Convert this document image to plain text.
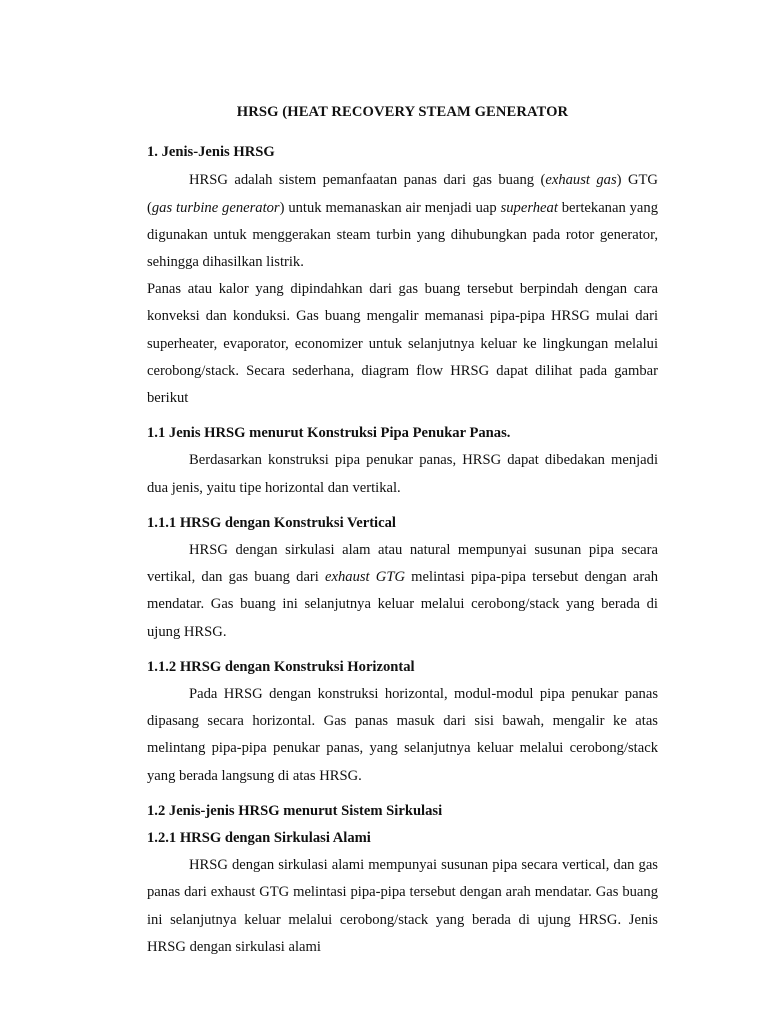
HRSG (HEAT RECOVERY STEAM GENERATOR

1. Jenis-Jenis HRSG

HRSG adalah sistem pemanfaatan panas dari gas buang (exhaust gas) GTG (gas turbine generator) untuk memanaskan air menjadi uap superheat bertekanan yang digunakan untuk menggerakan steam turbin yang dihubungkan pada rotor generator, sehingga dihasilkan listrik.

Panas atau kalor yang dipindahkan dari gas buang tersebut berpindah dengan cara konveksi dan konduksi. Gas buang mengalir memanasi pipa-pipa HRSG mulai dari superheater, evaporator, economizer untuk selanjutnya keluar ke lingkungan melalui cerobong/stack. Secara sederhana, diagram flow HRSG dapat dilihat pada gambar berikut

1.1 Jenis HRSG menurut Konstruksi Pipa Penukar Panas.

Berdasarkan konstruksi pipa penukar panas, HRSG dapat dibedakan menjadi dua jenis, yaitu tipe horizontal dan vertikal.

1.1.1 HRSG dengan Konstruksi Vertical

HRSG dengan sirkulasi alam atau natural mempunyai susunan pipa secara vertikal, dan gas buang dari exhaust GTG melintasi pipa-pipa tersebut dengan arah mendatar. Gas buang ini selanjutnya keluar melalui cerobong/stack yang berada di ujung HRSG.

1.1.2 HRSG dengan Konstruksi Horizontal

Pada HRSG dengan konstruksi horizontal, modul-modul pipa penukar panas dipasang secara horizontal. Gas panas masuk dari sisi bawah, mengalir ke atas melintang pipa-pipa penukar panas, yang selanjutnya keluar melalui cerobong/stack yang berada langsung di atas HRSG.

1.2 Jenis-jenis HRSG menurut Sistem Sirkulasi

1.2.1 HRSG dengan Sirkulasi Alami

HRSG dengan sirkulasi alami mempunyai susunan pipa secara vertical, dan gas panas dari exhaust GTG melintasi pipa-pipa tersebut dengan arah mendatar. Gas buang ini selanjutnya keluar melalui cerobong/stack yang berada di ujung HRSG. Jenis HRSG dengan sirkulasi alami
